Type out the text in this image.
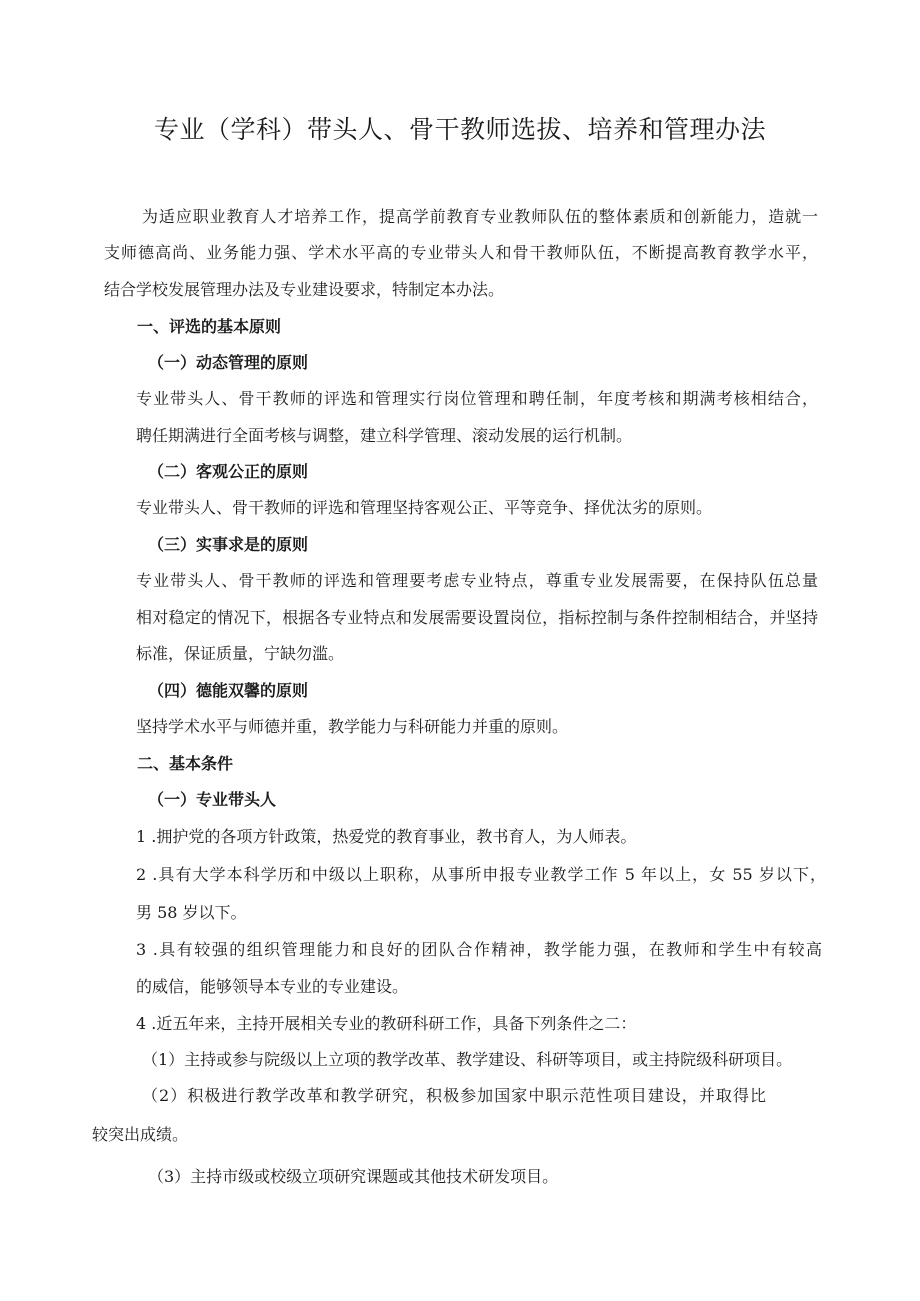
专业（学科）带头人、骨干教师选拔、培养和管理办法
为适应职业教育人才培养工作，提高学前教育专业教师队伍的整体素质和创新能力，造就一
支师德高尚、业务能力强、学术水平高的专业带头人和骨干教师队伍，不断提高教育教学水平，
结合学校发展管理办法及专业建设要求，特制定本办法。
一、评选的基本原则
（一）动态管理的原则
专业带头人、骨干教师的评选和管理实行岗位管理和聘任制，年度考核和期满考核相结合，
聘任期满进行全面考核与调整，建立科学管理、滚动发展的运行机制。
（二）客观公正的原则
专业带头人、骨干教师的评选和管理坚持客观公正、平等竞争、择优汰劣的原则。
（三）实事求是的原则
专业带头人、骨干教师的评选和管理要考虑专业特点，尊重专业发展需要，在保持队伍总量
相对稳定的情况下，根据各专业特点和发展需要设置岗位，指标控制与条件控制相结合，并坚持
标准，保证质量，宁缺勿滥。
（四）德能双馨的原则
坚持学术水平与师德并重，教学能力与科研能力并重的原则。
二、基本条件
（一）专业带头人
1 .拥护党的各项方针政策，热爱党的教育事业，教书育人，为人师表。
2 .具有大学本科学历和中级以上职称，从事所申报专业教学工作 5 年以上，女 55 岁以下，
男 58 岁以下。
3 .具有较强的组织管理能力和良好的团队合作精神，教学能力强，在教师和学生中有较高
的威信，能够领导本专业的专业建设。
4 .近五年来，主持开展相关专业的教研科研工作，具备下列条件之二：
（1）主持或参与院级以上立项的教学改革、教学建设、科研等项目，或主持院级科研项目。
（2）积极进行教学改革和教学研究，积极参加国家中职示范性项目建设，并取得比
较突出成绩。
（3）主持市级或校级立项研究课题或其他技术研发项目。
